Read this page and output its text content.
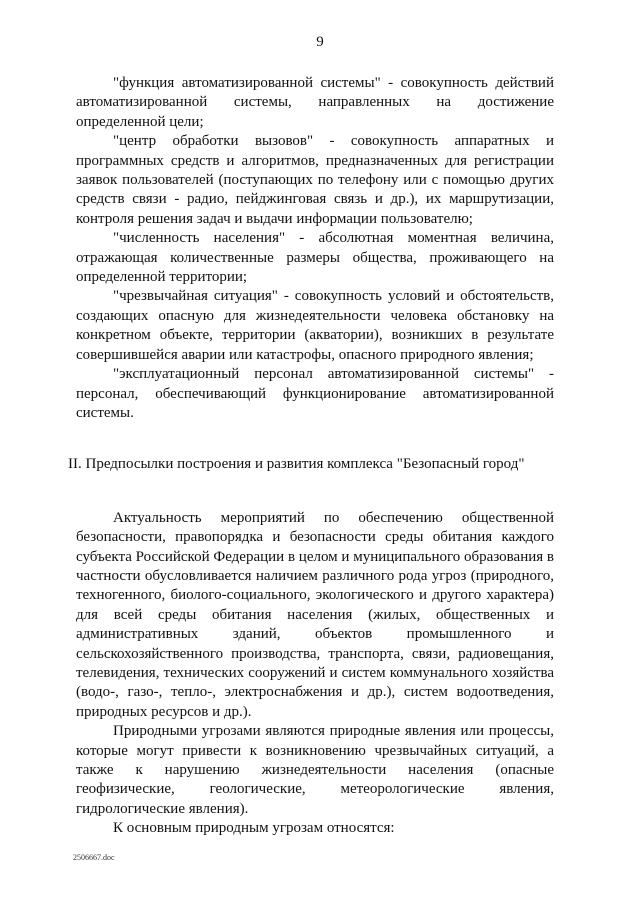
9

"функция автоматизированной системы" - совокупность действий автоматизированной системы, направленных на достижение определенной цели;

"центр обработки вызовов" - совокупность аппаратных и программных средств и алгоритмов, предназначенных для регистрации заявок пользователей (поступающих по телефону или с помощью других средств связи - радио, пейджинговая связь и др.), их маршрутизации, контроля решения задач и выдачи информации пользователю;

"численность населения" - абсолютная моментная величина, отражающая количественные размеры общества, проживающего на определенной территории;

"чрезвычайная ситуация" - совокупность условий и обстоятельств, создающих опасную для жизнедеятельности человека обстановку на конкретном объекте, территории (акватории), возникших в результате совершившейся аварии или катастрофы, опасного природного явления;

"эксплуатационный персонал автоматизированной системы" - персонал, обеспечивающий функционирование автоматизированной системы.

II. Предпосылки построения и развития комплекса "Безопасный город"

Актуальность мероприятий по обеспечению общественной безопасности, правопорядка и безопасности среды обитания каждого субъекта Российской Федерации в целом и муниципального образования в частности обусловливается наличием различного рода угроз (природного, техногенного, биолого-социального, экологического и другого характера) для всей среды обитания населения (жилых, общественных и административных зданий, объектов промышленного и сельскохозяйственного производства, транспорта, связи, радиовещания, телевидения, технических сооружений и систем коммунального хозяйства (водо-, газо-, тепло-, электроснабжения и др.), систем водоотведения, природных ресурсов и др.).

Природными угрозами являются природные явления или процессы, которые могут привести к возникновению чрезвычайных ситуаций, а также к нарушению жизнедеятельности населения (опасные геофизические, геологические, метеорологические явления, гидрологические явления).

К основным природным угрозам относятся:

2506667.doc
